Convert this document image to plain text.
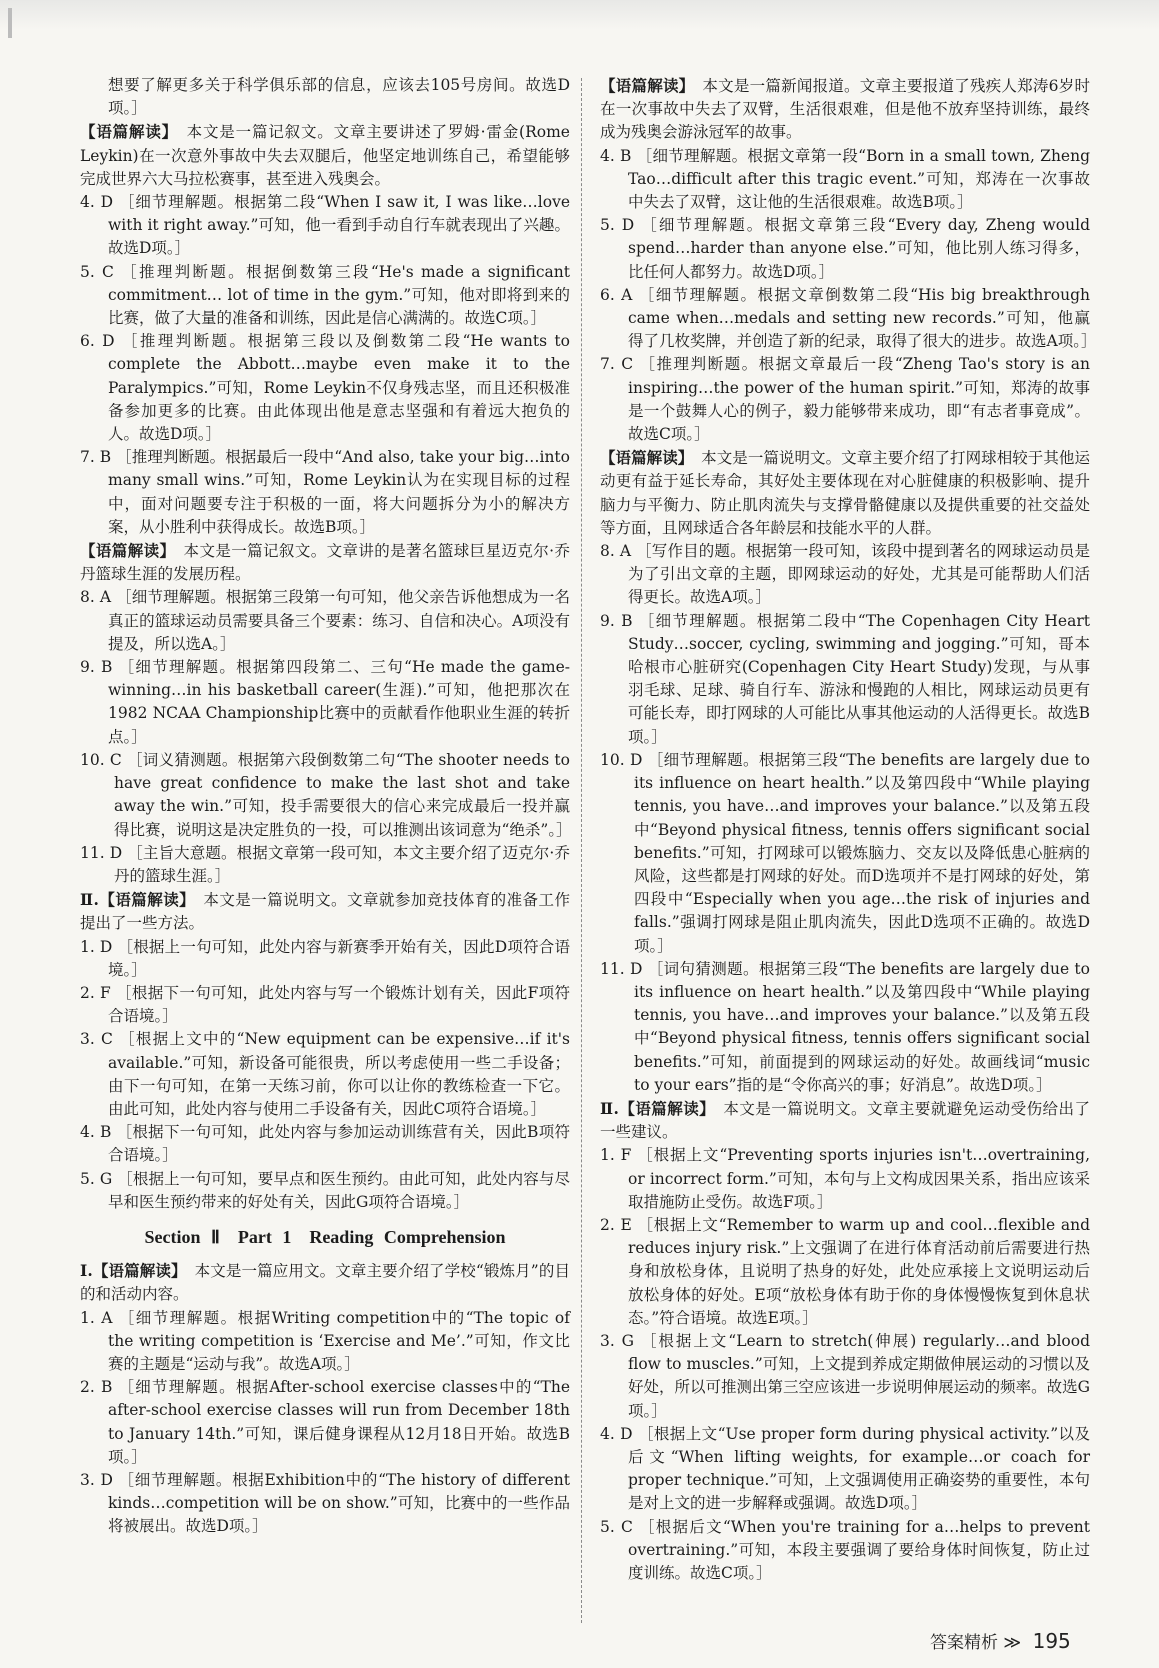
想要了解更多关于科学俱乐部的信息，应该去105号房间。故选D项。］

【语篇解读】　 本文是一篇记叙文。文章主要讲述了罗姆·雷金(Rome Leykin)在一次意外事故中失去双腿后，他坚定地训练自己，希望能够完成世界六大马拉松赛事，甚至进入残奥会。

4. D ［细节理解题。根据第二段“When I saw it, I was like…love with it right away.”可知，他一看到手动自行车就表现出了兴趣。故选D项。］

5. C ［推理判断题。根据倒数第三段“He's made a significant commitment… lot of time in the gym.”可知，他对即将到来的比赛，做了大量的准备和训练，因此是信心满满的。故选C项。］

6. D ［推理判断题。根据第三段以及倒数第二段“He wants to complete the Abbott…maybe even make it to the Paralympics.”可知，Rome Leykin不仅身残志坚，而且还积极准备参加更多的比赛。由此体现出他是意志坚强和有着远大抱负的人。故选D项。］

7. B ［推理判断题。根据最后一段中“And also, take your big…into many small wins.”可知，Rome Leykin认为在实现目标的过程中，面对问题要专注于积极的一面，将大问题拆分为小的解决方案，从小胜利中获得成长。故选B项。］

【语篇解读】　 本文是一篇记叙文。文章讲的是著名篮球巨星迈克尔·乔丹篮球生涯的发展历程。

8. A ［细节理解题。根据第三段第一句可知，他父亲告诉他想成为一名真正的篮球运动员需要具备三个要素：练习、自信和决心。A项没有提及，所以选A。］

9. B ［细节理解题。根据第四段第二、三句“He made the game-winning…in his basketball career(生涯).”可知，他把那次在1982 NCAA Championship比赛中的贡献看作他职业生涯的转折点。］

10. C ［词义猜测题。根据第六段倒数第二句“The shooter needs to have great confidence to make the last shot and take away the win.”可知，投手需要很大的信心来完成最后一投并赢得比赛，说明这是决定胜负的一投，可以推测出该词意为“绝杀”。］

11. D ［主旨大意题。根据文章第一段可知，本文主要介绍了迈克尔·乔丹的篮球生涯。］

Ⅱ.【语篇解读】　 本文是一篇说明文。文章就参加竞技体育的准备工作提出了一些方法。

1. D ［根据上一句可知，此处内容与新赛季开始有关，因此D项符合语境。］

2. F ［根据下一句可知，此处内容与写一个锻炼计划有关，因此F项符合语境。］

3. C ［根据上文中的“New equipment can be expensive…if it's available.”可知，新设备可能很贵，所以考虑使用一些二手设备；由下一句可知，在第一天练习前，你可以让你的教练检查一下它。由此可知，此处内容与使用二手设备有关，因此C项符合语境。］

4. B ［根据下一句可知，此处内容与参加运动训练营有关，因此B项符合语境。］

5. G ［根据上一句可知，要早点和医生预约。由此可知，此处内容与尽早和医生预约带来的好处有关，因此G项符合语境。］

Section Ⅱ　Part 1　Reading Comprehension

Ⅰ.【语篇解读】　 本文是一篇应用文。文章主要介绍了学校“锻炼月”的目的和活动内容。

1. A ［细节理解题。根据Writing competition中的“The topic of the writing competition is ‘Exercise and Me’.”可知，作文比赛的主题是“运动与我”。故选A项。］

2. B ［细节理解题。根据After-school exercise classes中的“The after-school exercise classes will run from December 18th to January 14th.”可知，课后健身课程从12月18日开始。故选B项。］

3. D ［细节理解题。根据Exhibition中的“The history of different kinds…competition will be on show.”可知，比赛中的一些作品将被展出。故选D项。］

【语篇解读】　 本文是一篇新闻报道。文章主要报道了残疾人郑涛6岁时在一次事故中失去了双臂，生活很艰难，但是他不放弃坚持训练，最终成为残奥会游泳冠军的故事。

4. B ［细节理解题。根据文章第一段“Born in a small town, Zheng Tao…difficult after this tragic event.”可知，郑涛在一次事故中失去了双臂，这让他的生活很艰难。故选B项。］

5. D ［细节理解题。根据文章第三段“Every day, Zheng would spend…harder than anyone else.”可知，他比别人练习得多，比任何人都努力。故选D项。］

6. A ［细节理解题。根据文章倒数第二段“His big breakthrough came when…medals and setting new records.”可知，他赢得了几枚奖牌，并创造了新的纪录，取得了很大的进步。故选A项。］

7. C ［推理判断题。根据文章最后一段“Zheng Tao's story is an inspiring…the power of the human spirit.”可知，郑涛的故事是一个鼓舞人心的例子，毅力能够带来成功，即“有志者事竟成”。故选C项。］

【语篇解读】　 本文是一篇说明文。文章主要介绍了打网球相较于其他运动更有益于延长寿命，其好处主要体现在对心脏健康的积极影响、提升脑力与平衡力、防止肌肉流失与支撑骨骼健康以及提供重要的社交益处等方面，且网球适合各年龄层和技能水平的人群。

8. A ［写作目的题。根据第一段可知，该段中提到著名的网球运动员是为了引出文章的主题，即网球运动的好处，尤其是可能帮助人们活得更长。故选A项。］

9. B ［细节理解题。根据第二段中“The Copenhagen City Heart Study…soccer, cycling, swimming and jogging.”可知，哥本哈根市心脏研究(Copenhagen City Heart Study)发现，与从事羽毛球、足球、骑自行车、游泳和慢跑的人相比，网球运动员更有可能长寿，即打网球的人可能比从事其他运动的人活得更长。故选B项。］

10. D ［细节理解题。根据第三段“The benefits are largely due to its influence on heart health.”以及第四段中“While playing tennis, you have…and improves your balance.”以及第五段中“Beyond physical fitness, tennis offers significant social benefits.”可知，打网球可以锻炼脑力、交友以及降低患心脏病的风险，这些都是打网球的好处。而D选项并不是打网球的好处，第四段中“Especially when you age…the risk of injuries and falls.”强调打网球是阻止肌肉流失，因此D选项不正确的。故选D项。］

11. D ［词句猜测题。根据第三段“The benefits are largely due to its influence on heart health.”以及第四段中“While playing tennis, you have…and improves your balance.”以及第五段中“Beyond physical fitness, tennis offers significant social benefits.”可知，前面提到的网球运动的好处。故画线词“music to your ears”指的是“令你高兴的事；好消息”。故选D项。］

Ⅱ.【语篇解读】　 本文是一篇说明文。文章主要就避免运动受伤给出了一些建议。

1. F ［根据上文“Preventing sports injuries isn't…overtraining, or incorrect form.”可知，本句与上文构成因果关系，指出应该采取措施防止受伤。故选F项。］

2. E ［根据上文“Remember to warm up and cool…flexible and reduces injury risk.”上文强调了在进行体育活动前后需要进行热身和放松身体，且说明了热身的好处，此处应承接上文说明运动后放松身体的好处。E项“放松身体有助于你的身体慢慢恢复到休息状态。”符合语境。故选E项。］

3. G ［根据上文“Learn to stretch(伸展) regularly…and blood flow to muscles.”可知，上文提到养成定期做伸展运动的习惯以及好处，所以可推测出第三空应该进一步说明伸展运动的频率。故选G项。］

4. D ［根据上文“Use proper form during physical activity.”以及后文“When lifting weights, for example…or coach for proper technique.”可知，上文强调使用正确姿势的重要性，本句是对上文的进一步解释或强调。故选D项。］

5. C ［根据后文“When you're training for a…helps to prevent overtraining.”可知，本段主要强调了要给身体时间恢复，防止过度训练。故选C项。］

答案精析 ≫ 195
